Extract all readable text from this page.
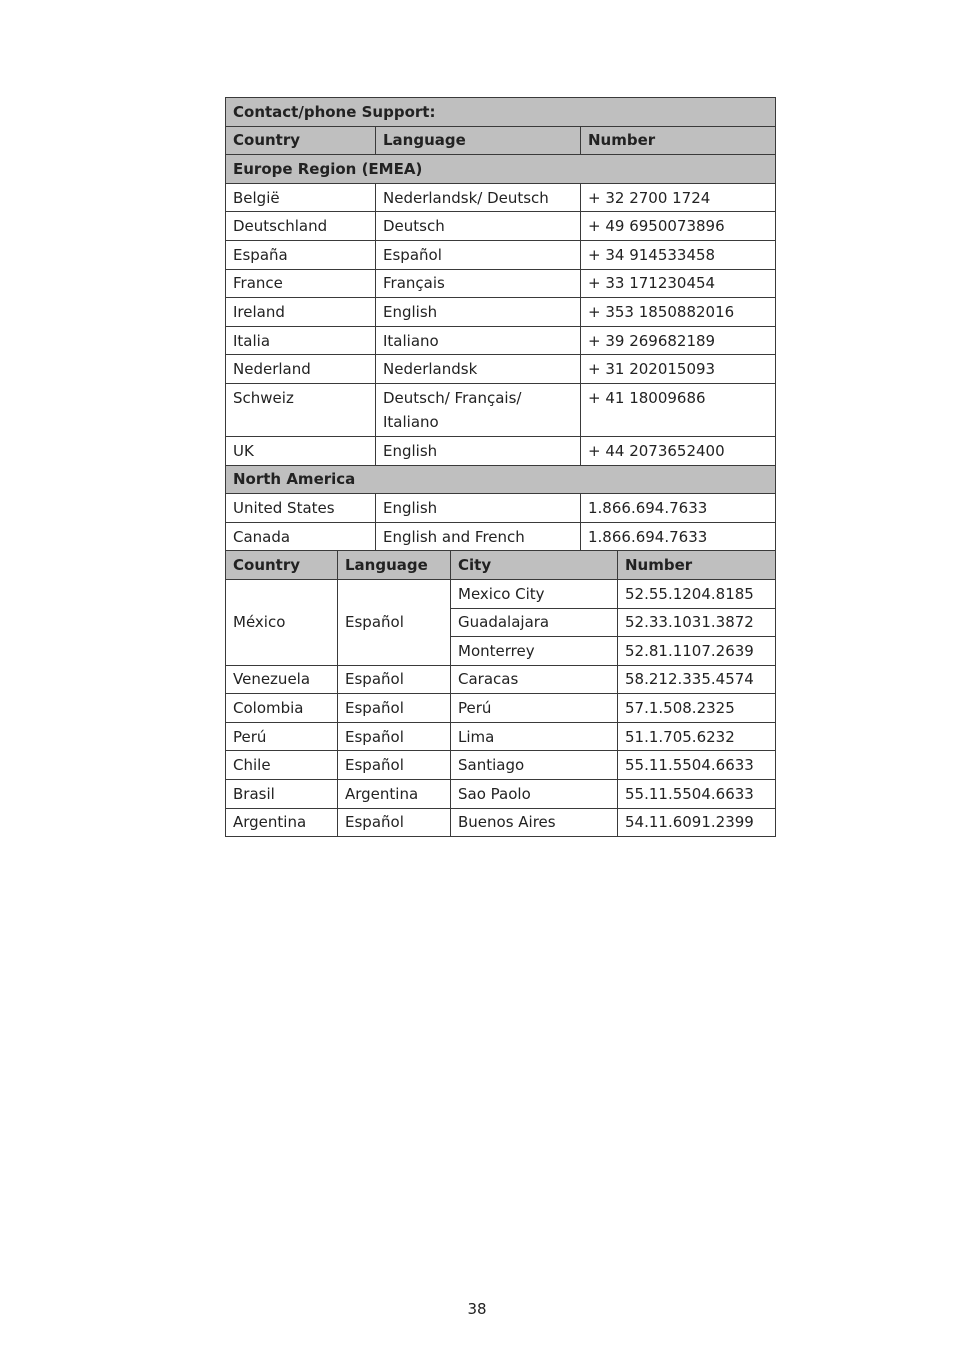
Contact/phone Support:					
Country		Language		Number	
Europe Region (EMEA)					
België		Nederlandsk/ Deutsch		+ 32 2700 1724	
Deutschland		Deutsch		+ 49 6950073896	
España		Español		+ 34 914533458	
France		Français		+ 33 171230454	
Ireland		English		+ 353 1850882016	
Italia		Italiano		+ 39 269682189	
Nederland		Nederlandsk		+ 31 202015093	
Schweiz		Deutsch/ Français/ Italiano		+ 41 18009686	
UK		English		+ 44 2073652400	
North America					
United States		English		1.866.694.7633	
Canada		English and French		1.866.694.7633	
Country	Language		City		Number
México	Español		Mexico City		52.55.1204.8185
			Guadalajara		52.33.1031.3872
			Monterrey		52.81.1107.2639
Venezuela	Español		Caracas		58.212.335.4574
Colombia	Español		Perú		57.1.508.2325
Perú	Español		Lima		51.1.705.6232
Chile	Español		Santiago		55.11.5504.6633
Brasil	Argentina		Sao Paolo		55.11.5504.6633
Argentina	Español		Buenos Aires		54.11.6091.2399
38
